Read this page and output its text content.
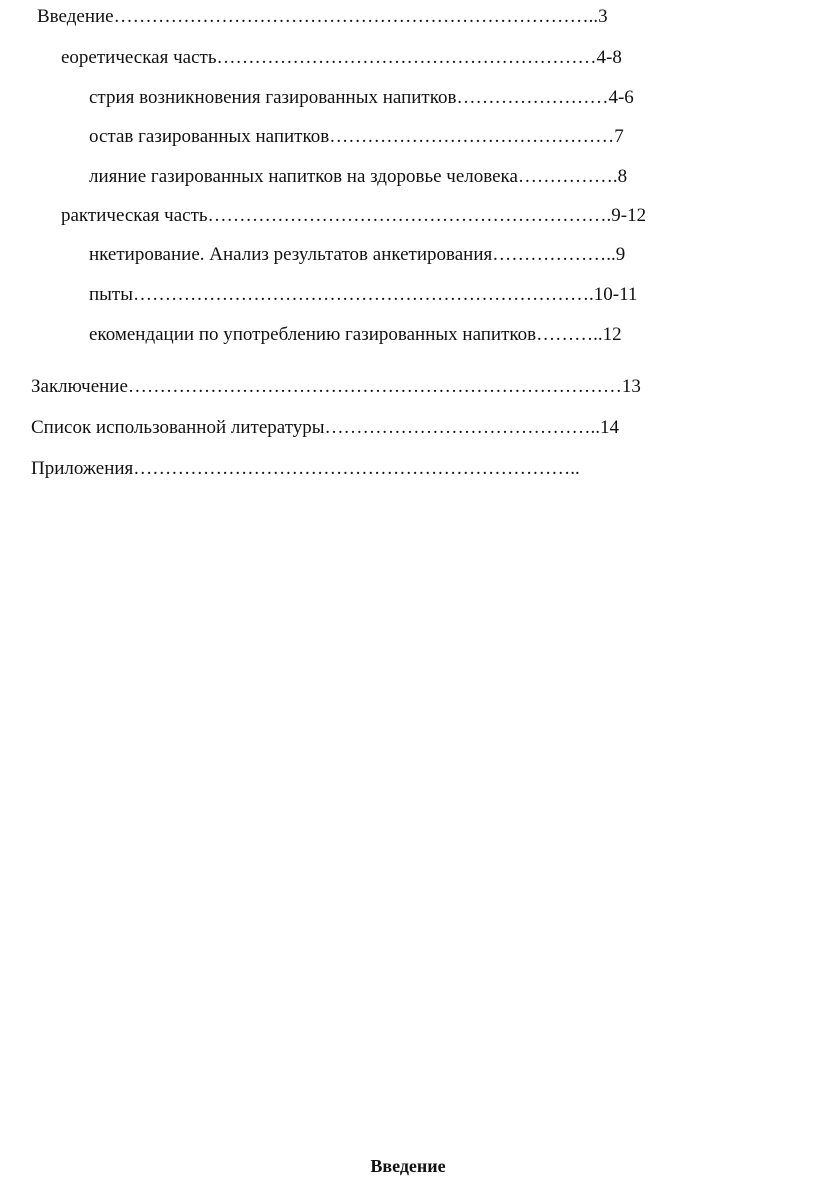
Введение…………………………………………………………………..3
еоретическая часть……………………………………………………4-8
стрия возникновения газированных напитков……………………4-6
остав газированных напитков………………………………………7
лияние газированных напитков на здоровье человека…………….8
рактическая часть……………………………………………………….9-12
нкетирование. Анализ результатов анкетирования………………..9
пыты……………………………………………………………….10-11
екомендации по употреблению газированных напитков………..12
Заключение……………………………………………………………………13
Список использованной литературы……………………………………..14
Приложения……………………………………………………………..
Введение
